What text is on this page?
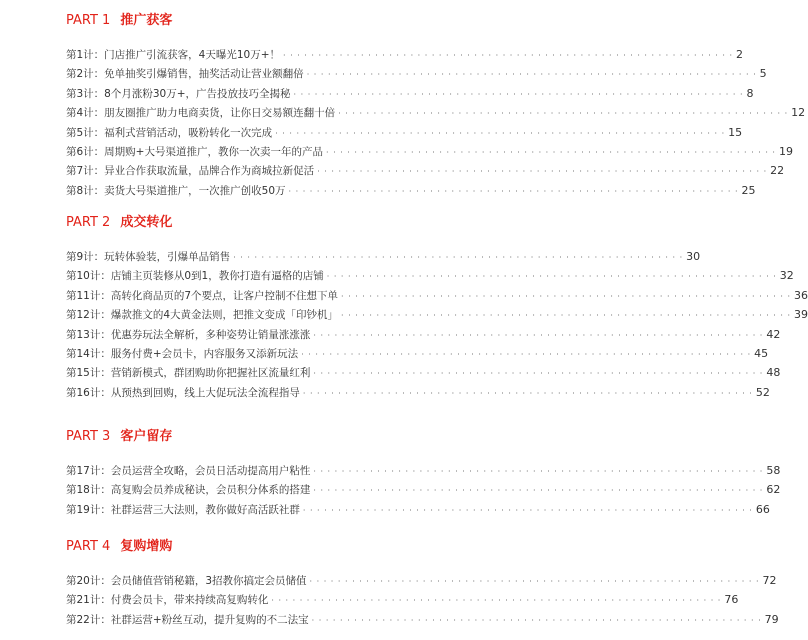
PART 1 推广获客
第1计：门店推广引流获客，4天曝光10万+！ · · · · · · · · · · · · · · · · · · · · · · · · · · · · · · · · · · · · · · · · · · · · · · · · · · · · · · · · · · · · · · · · 2
第2计：免单抽奖引爆销售，抽奖活动让营业额翻倍 · · · · · · · · · · · · · · · · · · · · · · · · · · · · · · · · · · · · · · · · · · · · · · · · · · · · · · · · · · · · · · · · 5
第3计：8个月涨粉30万+，广告投放技巧全揭秘 · · · · · · · · · · · · · · · · · · · · · · · · · · · · · · · · · · · · · · · · · · · · · · · · · · · · · · · · · · · · · · · · 8
第4计：朋友圈推广助力电商卖货，让你日交易额连翻十倍 · · · · · · · · · · · · · · · · · · · · · · · · · · · · · · · · · · · · · · · · · · · · · · · · · · · · · · · · · · · · · · · · 12
第5计：福利式营销活动，吸粉转化一次完成 · · · · · · · · · · · · · · · · · · · · · · · · · · · · · · · · · · · · · · · · · · · · · · · · · · · · · · · · · · · · · · · · 15
第6计：周期购+大号渠道推广，教你一次卖一年的产品 · · · · · · · · · · · · · · · · · · · · · · · · · · · · · · · · · · · · · · · · · · · · · · · · · · · · · · · · · · · · · · · · 19
第7计：异业合作获取流量，品牌合作为商城拉新促活 · · · · · · · · · · · · · · · · · · · · · · · · · · · · · · · · · · · · · · · · · · · · · · · · · · · · · · · · · · · · · · · · 22
第8计：卖货大号渠道推广，一次推广创收50万 · · · · · · · · · · · · · · · · · · · · · · · · · · · · · · · · · · · · · · · · · · · · · · · · · · · · · · · · · · · · · · · · 25
PART 2 成交转化
第9计：玩转体验装，引爆单品销售 · · · · · · · · · · · · · · · · · · · · · · · · · · · · · · · · · · · · · · · · · · · · · · · · · · · · · · · · · · · · · · · · 30
第10计：店铺主页装修从0到1，教你打造有逼格的店铺 · · · · · · · · · · · · · · · · · · · · · · · · · · · · · · · · · · · · · · · · · · · · · · · · · · · · · · · · · · · · · · · · 32
第11计：高转化商品页的7个要点，让客户控制不住想下单 · · · · · · · · · · · · · · · · · · · · · · · · · · · · · · · · · · · · · · · · · · · · · · · · · · · · · · · · · · · · · · · · 36
第12计：爆款推文的4大黄金法则，把推文变成「印钞机」 · · · · · · · · · · · · · · · · · · · · · · · · · · · · · · · · · · · · · · · · · · · · · · · · · · · · · · · · · · · · · · · · 39
第13计：优惠券玩法全解析，多种姿势让销量涨涨涨 · · · · · · · · · · · · · · · · · · · · · · · · · · · · · · · · · · · · · · · · · · · · · · · · · · · · · · · · · · · · · · · · 42
第14计：服务付费+会员卡，内容服务又添新玩法 · · · · · · · · · · · · · · · · · · · · · · · · · · · · · · · · · · · · · · · · · · · · · · · · · · · · · · · · · · · · · · · · 45
第15计：营销新模式，群团购助你把握社区流量红利 · · · · · · · · · · · · · · · · · · · · · · · · · · · · · · · · · · · · · · · · · · · · · · · · · · · · · · · · · · · · · · · · 48
第16计：从预热到回购，线上大促玩法全流程指导 · · · · · · · · · · · · · · · · · · · · · · · · · · · · · · · · · · · · · · · · · · · · · · · · · · · · · · · · · · · · · · · · 52
PART 3 客户留存
第17计：会员运营全攻略，会员日活动提高用户粘性 · · · · · · · · · · · · · · · · · · · · · · · · · · · · · · · · · · · · · · · · · · · · · · · · · · · · · · · · · · · · · · · · 58
第18计：高复购会员养成秘诀，会员积分体系的搭建 · · · · · · · · · · · · · · · · · · · · · · · · · · · · · · · · · · · · · · · · · · · · · · · · · · · · · · · · · · · · · · · · 62
第19计：社群运营三大法则，教你做好高活跃社群 · · · · · · · · · · · · · · · · · · · · · · · · · · · · · · · · · · · · · · · · · · · · · · · · · · · · · · · · · · · · · · · · 66
PART 4 复购增购
第20计：会员储值营销秘籍，3招教你搞定会员储值 · · · · · · · · · · · · · · · · · · · · · · · · · · · · · · · · · · · · · · · · · · · · · · · · · · · · · · · · · · · · · · · · 72
第21计：付费会员卡，带来持续高复购转化 · · · · · · · · · · · · · · · · · · · · · · · · · · · · · · · · · · · · · · · · · · · · · · · · · · · · · · · · · · · · · · · · 76
第22计：社群运营+粉丝互动，提升复购的不二法宝 · · · · · · · · · · · · · · · · · · · · · · · · · · · · · · · · · · · · · · · · · · · · · · · · · · · · · · · · · · · · · · · · 79
